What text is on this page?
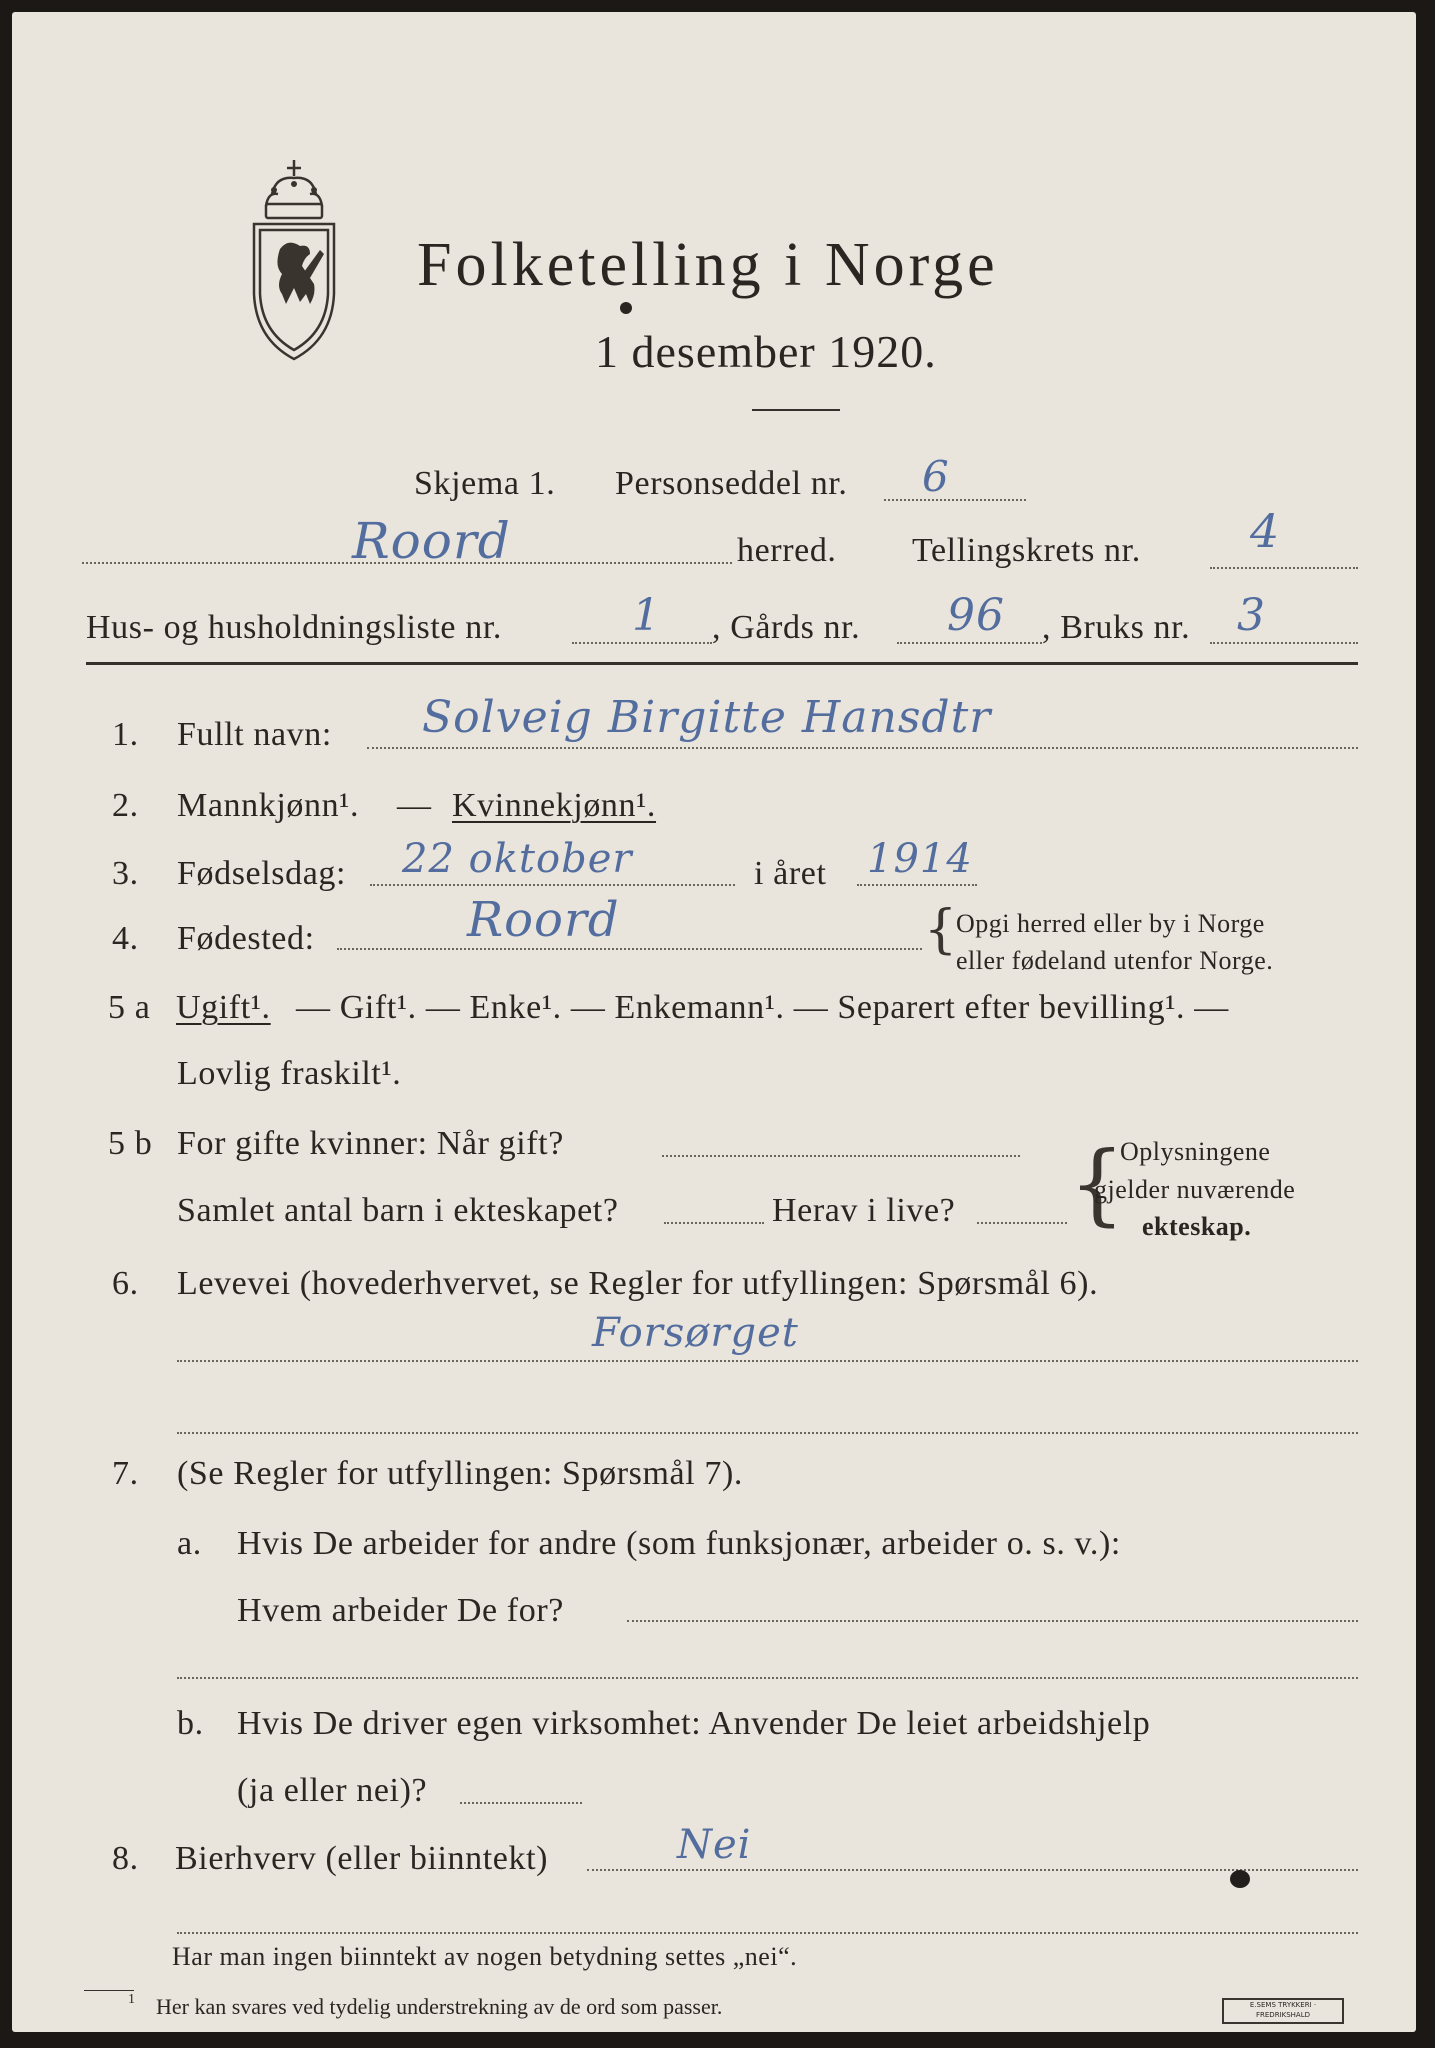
Folketelling i Norge
1 desember 1920.
Skjema 1. Personseddel nr. 6
Roord	herred. Tellingskrets nr. 4
Hus- og husholdningsliste nr.	1 , Gårds nr. 96 , Bruks nr. 3
1. Fullt navn: Solveig Birgitte Hansdtr
2. Mannkjønn¹. — Kvinnekjønn¹.
3. Fødselsdag: 22 oktober	i året 1914
4. Fødested:	Roord	{
Opgi herred eller by i Norge
eller fødeland utenfor Norge.
5 a Ugift¹. — Gift¹. — Enke¹. — Enkemann¹. — Separert efter bevilling¹. —
Lovlig fraskilt¹.
5 b For gifte kvinner: Når gift?
Samlet antal barn i ekteskapet?	Herav i live? {
Oplysningene
gjelder nuværende
ekteskap.
6. Levevei (hovederhvervet, se Regler for utfyllingen: Spørsmål 6).
Forsørget
7. (Se Regler for utfyllingen: Spørsmål 7).
a. Hvis De arbeider for andre (som funksjonær, arbeider o. s. v.):
Hvem arbeider De for?
b. Hvis De driver egen virksomhet: Anvender De leiet arbeidshjelp
(ja eller nei)?
8. Bierhverv (eller biinntekt)	Nei
Har man ingen biinntekt av nogen betydning settes „nei“.
1 Her kan svares ved tydelig understrekning av de ord som passer.	E.SEMS TRYKKERI · FREDRIKSHALD
